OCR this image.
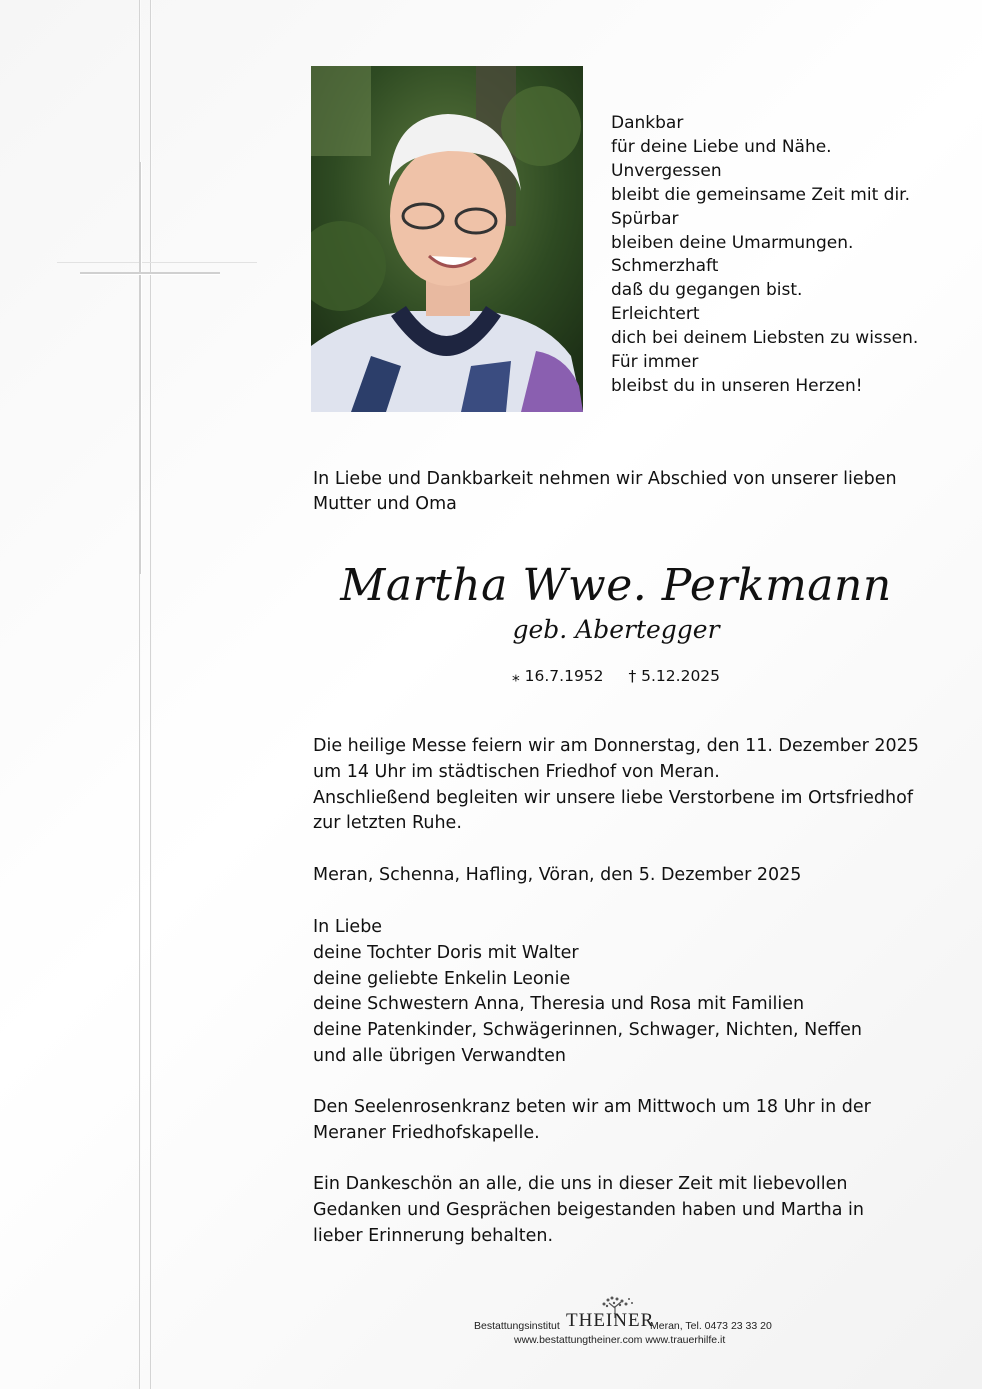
Dankbar
für deine Liebe und Nähe.
Unvergessen
bleibt die gemeinsame Zeit mit dir.
Spürbar
bleiben deine Umarmungen.
Schmerzhaft
daß du gegangen bist.
Erleichtert
dich bei deinem Liebsten zu wissen.
Für immer
bleibst du in unseren Herzen!
In Liebe und Dankbarkeit nehmen wir Abschied von unserer lieben Mutter und Oma
Martha Wwe. Perkmann
geb. Abertegger
⁎ 16.7.1952 † 5.12.2025
Die heilige Messe feiern wir am Donnerstag, den 11. Dezember 2025
um 14 Uhr im städtischen Friedhof von Meran.
Anschließend begleiten wir unsere liebe Verstorbene im Ortsfriedhof
zur letzten Ruhe.
Meran, Schenna, Hafling, Vöran, den 5. Dezember 2025
In Liebe
deine Tochter Doris mit Walter
deine geliebte Enkelin Leonie
deine Schwestern Anna, Theresia und Rosa mit Familien
deine Patenkinder, Schwägerinnen, Schwager, Nichten, Neffen
und alle übrigen Verwandten
Den Seelenrosenkranz beten wir am Mittwoch um 18 Uhr in der
Meraner Friedhofskapelle.
Ein Dankeschön an alle, die uns in dieser Zeit mit liebevollen
Gedanken und Gesprächen beigestanden haben und Martha in
lieber Erinnerung behalten.
Bestattungsinstitut THEINER
Meran, Tel. 0473 23 33 20
www.bestattungtheiner.com www.trauerhilfe.it
